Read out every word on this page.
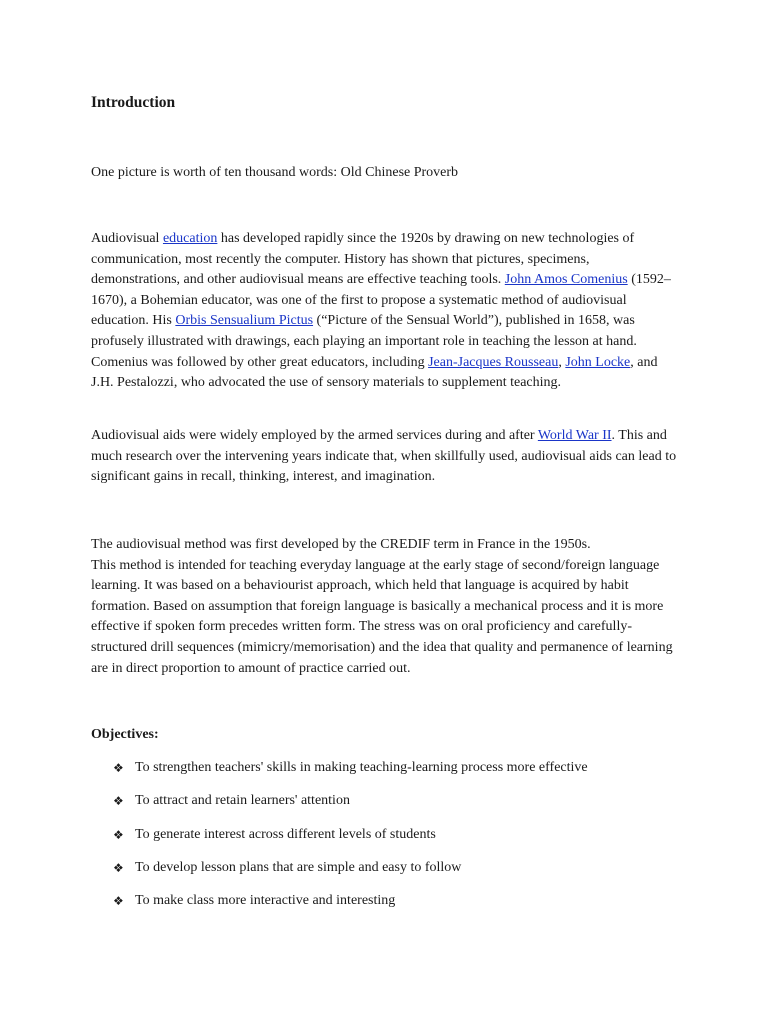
Introduction

One picture is worth of ten thousand words: Old Chinese Proverb

Audiovisual education has developed rapidly since the 1920s by drawing on new technologies of communication, most recently the computer. History has shown that pictures, specimens, demonstrations, and other audiovisual means are effective teaching tools. John Amos Comenius (1592–1670), a Bohemian educator, was one of the first to propose a systematic method of audiovisual education. His Orbis Sensualium Pictus (“Picture of the Sensual World”), published in 1658, was profusely illustrated with drawings, each playing an important role in teaching the lesson at hand. Comenius was followed by other great educators, including Jean-Jacques Rousseau, John Locke, and J.H. Pestalozzi, who advocated the use of sensory materials to supplement teaching.

Audiovisual aids were widely employed by the armed services during and after World War II. This and much research over the intervening years indicate that, when skillfully used, audiovisual aids can lead to significant gains in recall, thinking, interest, and imagination.

The audiovisual method was first developed by the CREDIF term in France in the 1950s.
This method is intended for teaching everyday language at the early stage of second/foreign language learning. It was based on a behaviourist approach, which held that language is acquired by habit formation. Based on assumption that foreign language is basically a mechanical process and it is more effective if spoken form precedes written form. The stress was on oral proficiency and carefully- structured drill sequences (mimicry/memorisation) and the idea that quality and permanence of learning are in direct proportion to amount of practice carried out.

Objectives:
❖ To strengthen teachers' skills in making teaching-learning process more effective
❖ To attract and retain learners' attention
❖ To generate interest across different levels of students
❖ To develop lesson plans that are simple and easy to follow
❖ To make class more interactive and interesting
